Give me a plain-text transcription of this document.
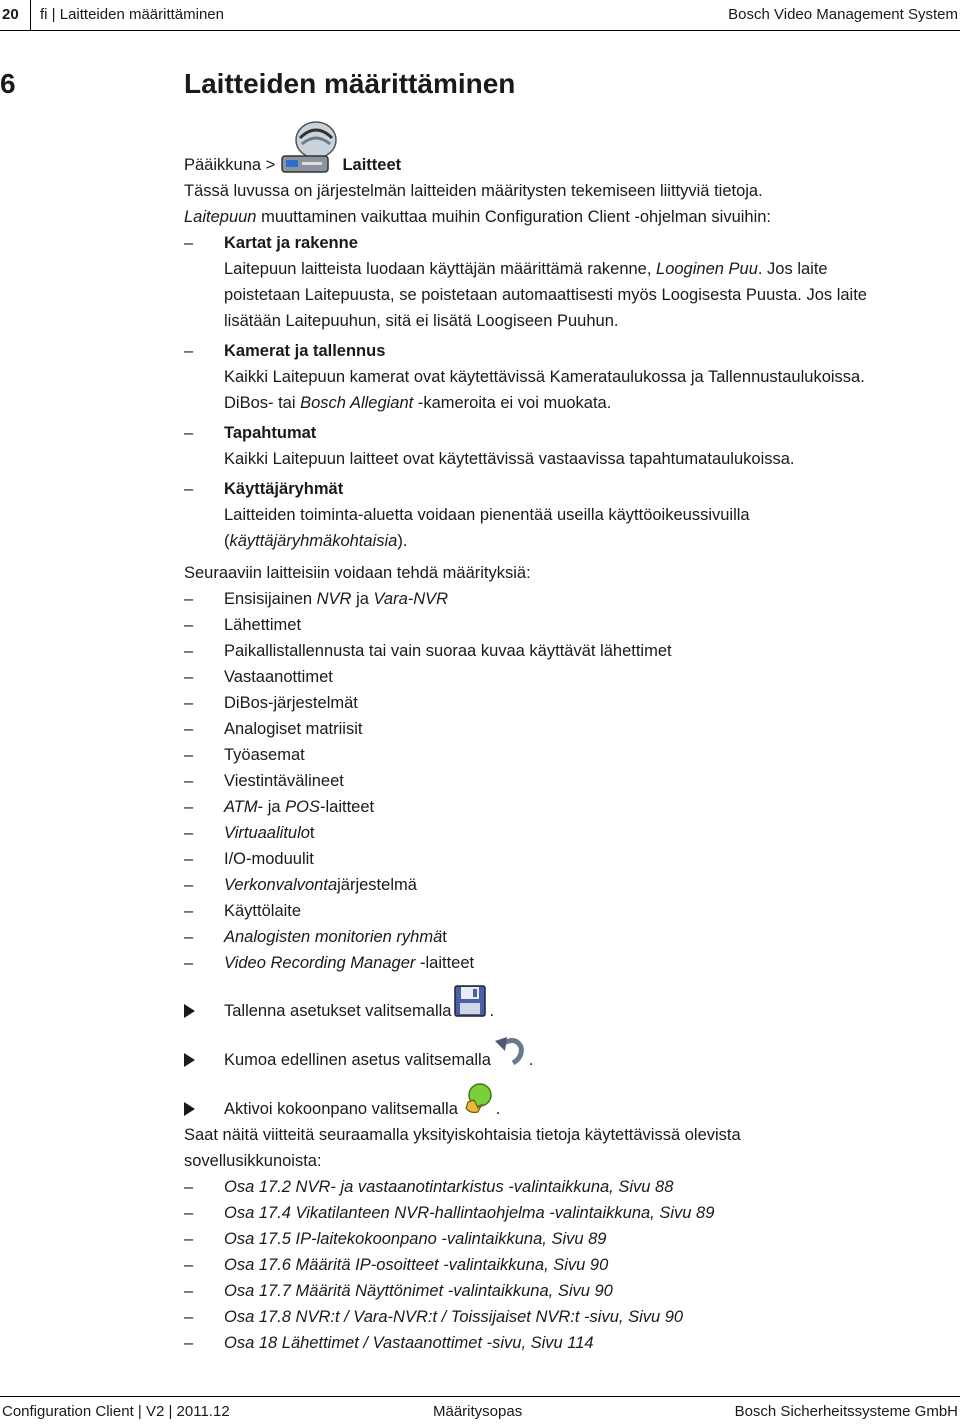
20 fi | Laitteiden määrittäminen	Bosch Video Management System
6	Laitteiden määrittäminen
Pääikkuna >	Laitteet
Tässä luvussa on järjestelmän laitteiden määritysten tekemiseen liittyviä tietoja.
Laitepuun muuttaminen vaikuttaa muihin Configuration Client -ohjelman sivuihin:
– Kartat ja rakenne
Laitepuun laitteista luodaan käyttäjän määrittämä rakenne, Looginen Puu. Jos laite
poistetaan Laitepuusta, se poistetaan automaattisesti myös Loogisesta Puusta. Jos laite
lisätään Laitepuuhun, sitä ei lisätä Loogiseen Puuhun.
– Kamerat ja tallennus
Kaikki Laitepuun kamerat ovat käytettävissä Kamerataulukossa ja Tallennustaulukoissa.
DiBos- tai Bosch Allegiant -kameroita ei voi muokata.
– Tapahtumat
Kaikki Laitepuun laitteet ovat käytettävissä vastaavissa tapahtumataulukoissa.
– Käyttäjäryhmät
Laitteiden toiminta-aluetta voidaan pienentää useilla käyttöoikeussivuilla
(käyttäjäryhmäkohtaisia).
Seuraaviin laitteisiin voidaan tehdä määrityksiä:
– Ensisijainen NVR ja Vara-NVR
– Lähettimet
– Paikallistallennusta tai vain suoraa kuvaa käyttävät lähettimet
– Vastaanottimet
– DiBos-järjestelmät
– Analogiset matriisit
– Työasemat
– Viestintävälineet
– ATM- ja POS-laitteet
– Virtuaalitulot
– I/O-moduulit
– Verkonvalvontajärjestelmä
– Käyttölaite
– Analogisten monitorien ryhmät
– Video Recording Manager -laitteet
Tallenna asetukset valitsemalla .
Kumoa edellinen asetus valitsemalla .
Aktivoi kokoonpano valitsemalla .
Saat näitä viitteitä seuraamalla yksityiskohtaisia tietoja käytettävissä olevista
sovellusikkunoista:
– Osa 17.2 NVR- ja vastaanotintarkistus -valintaikkuna, Sivu 88
– Osa 17.4 Vikatilanteen NVR-hallintaohjelma -valintaikkuna, Sivu 89
– Osa 17.5 IP-laitekokoonpano -valintaikkuna, Sivu 89
– Osa 17.6 Määritä IP-osoitteet -valintaikkuna, Sivu 90
– Osa 17.7 Määritä Näyttönimet -valintaikkuna, Sivu 90
– Osa 17.8 NVR:t / Vara-NVR:t / Toissijaiset NVR:t -sivu, Sivu 90
– Osa 18 Lähettimet / Vastaanottimet -sivu, Sivu 114
Configuration Client | V2 | 2011.12	Määritysopas	Bosch Sicherheitssysteme GmbH
